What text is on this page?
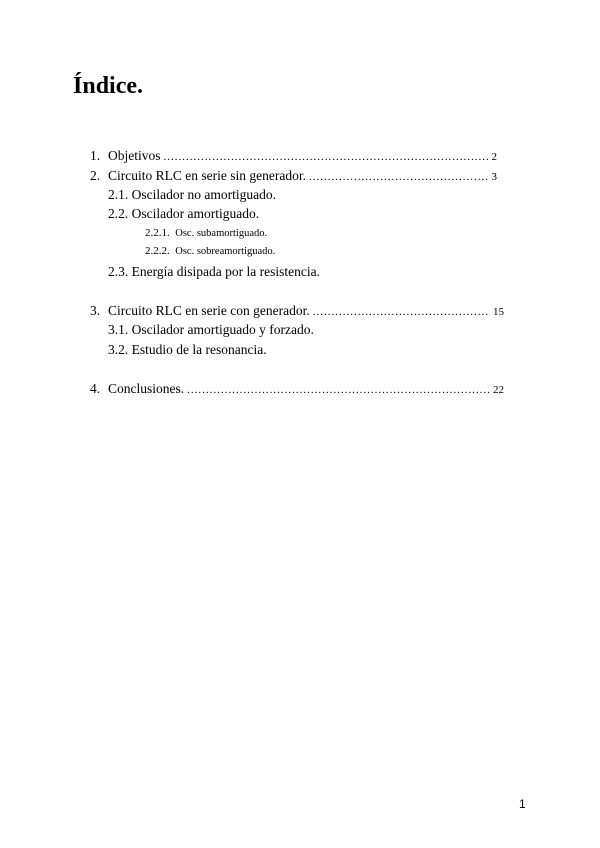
Índice.
1. Objetivos .....	2
2. Circuito RLC en serie sin generador. .....	3
2.1. Oscilador no amortiguado.
2.2. Oscilador amortiguado.
2.2.1. Osc. subamortiguado.
2.2.2. Osc. sobreamortiguado.
2.3. Energía disipada por la resistencia.
3. Circuito RLC en serie con generador. .....	15
3.1. Oscilador amortiguado y forzado.
3.2. Estudio de la resonancia.
4. Conclusiones. .....	22
1
